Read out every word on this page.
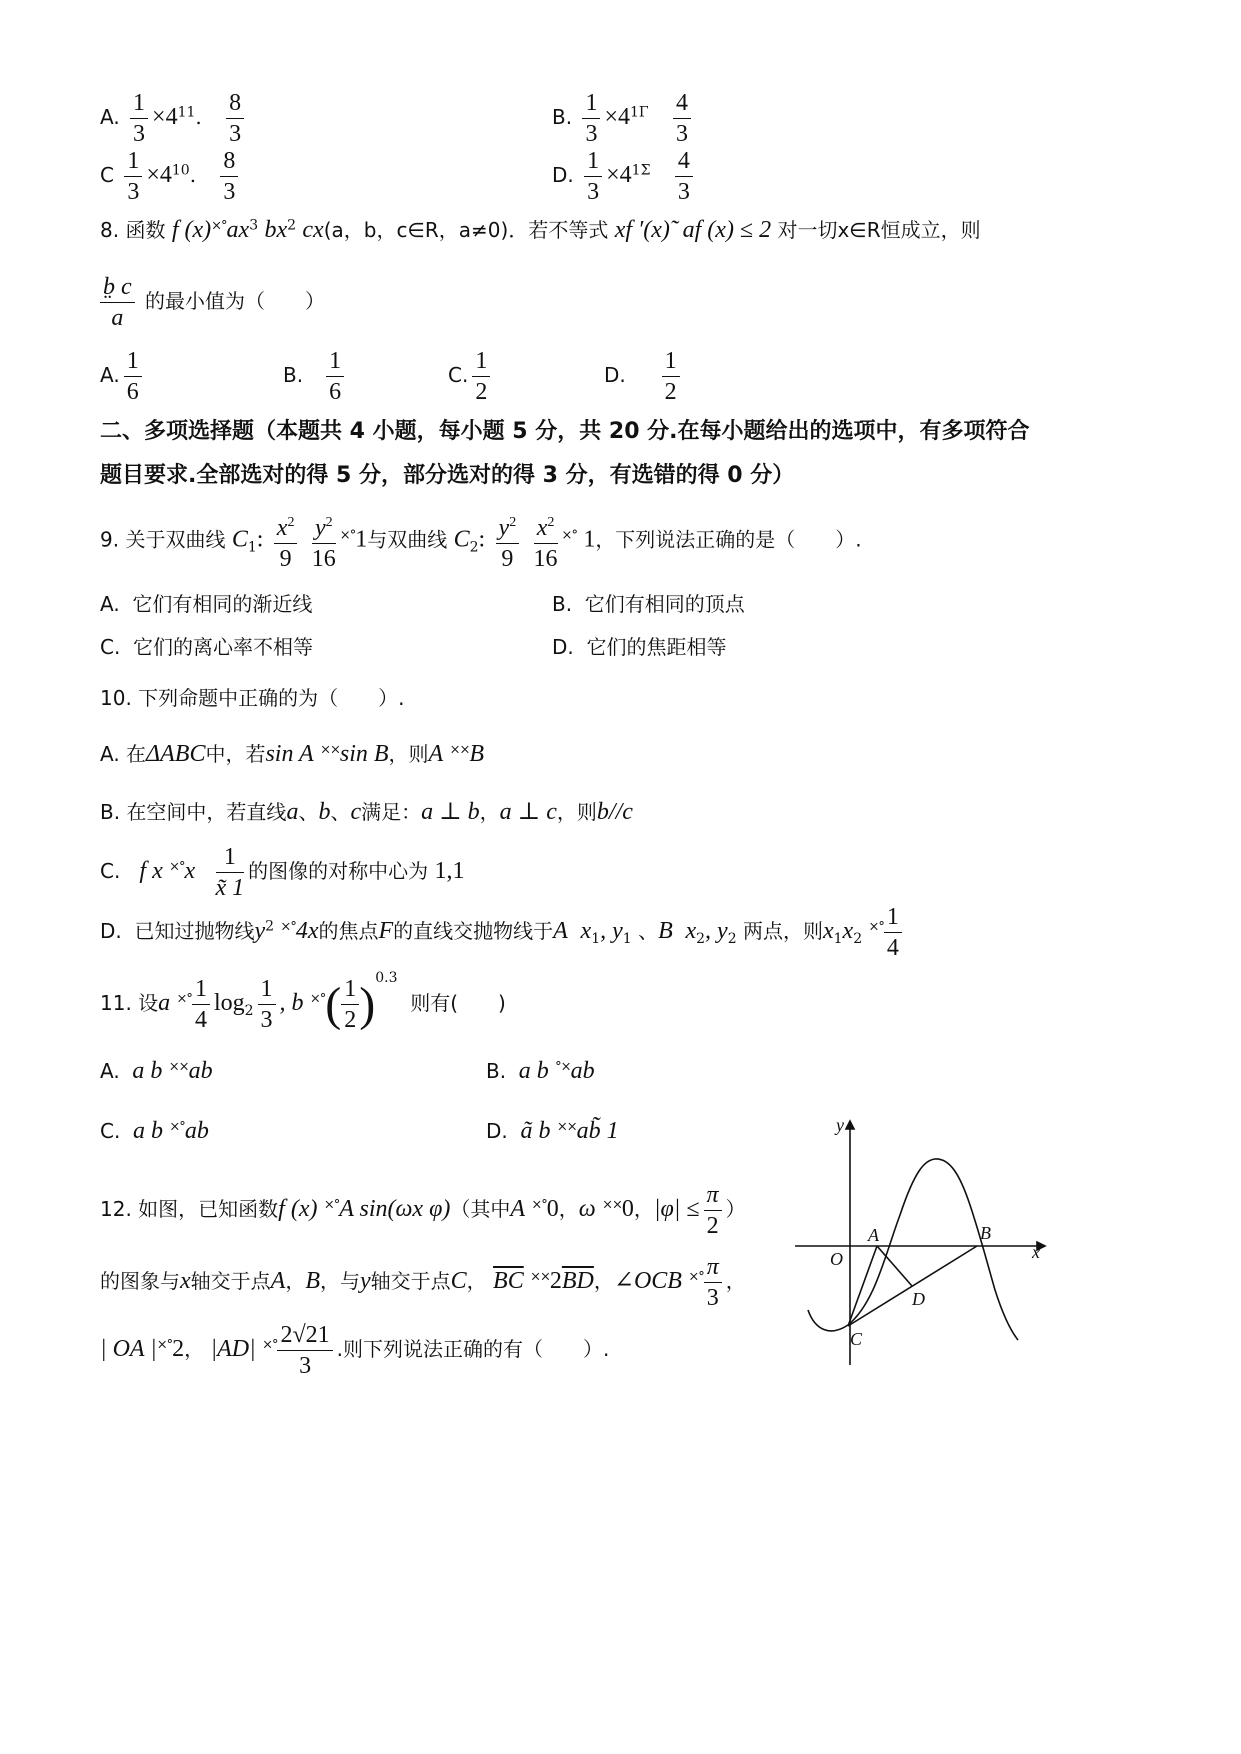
A. $\frac{1}{3} \times 4^{11}$. $\frac{8}{3}$	B. $\frac{1}{3} \times 4^{1\Gamma} \frac{4}{3}$
C $\frac{1}{3} \times 4^{10}$. $\frac{8}{3}$	D. $\frac{1}{3} \times 4^{1\Sigma} \frac{4}{3}$
8. 函数 f $(x)^{\times^\circ}ax^3$ $bx^2$ cx(a，b，c∈R，a≠0)．若不等式 xf ′(x)̃ af (x) ≤ 2 对一切x∈R恒成立，则
$\frac{b̤ c}{a}$ 的最小值为（　　）
A. $\frac{1}{6}$	B. $\frac{1}{6}$	C. $\frac{1}{2}$	D. $\frac{1}{2}$
二、多项选择题（本题共 4 小题，每小题 5 分，共 20 分.在每小题给出的选项中，有多项符合
题目要求.全部选对的得 5 分，部分选对的得 3 分，有选错的得 0 分）
9. 关于双曲线 $C_1$: $\frac{x^2}{9}$
$\frac{y^2}{16} ^{\times^\circ}1$与双曲线 $C_2$: $\frac{y^2}{9}$
$\frac{x^2}{16} ^{\times^\circ}$ 1，下列说法正确的是（　　）.
A. 它们有相同的渐近线	B. 它们有相同的顶点
C. 它们的离心率不相等	D. 它们的焦距相等
10. 下列命题中正确的为（　　）.
A. 在ΔABC中，若sin A ××sin B，则A ××B
B. 在空间中，若直线a、b、c满足：a ⊥ b，a ⊥ c，则b//c
C. f x $^{\times^\circ}x \frac{1}{x̃ 1}$ 的图像的对称中心为 1,1
D. 已知过抛物线$y^2$ ×°4x的焦点F的直线交抛物线于A $x_1$, $y_1$ 、B $x_2$, $y_2$ 两点，则$x_1x_2$ $^{\times^\circ} \frac{1}{4}$
11. 设a $^{\times^\circ} \frac{1}{4} \log_2 \frac{1}{3}$ , b $^{\times^\circ}( \frac{1}{2} )^{0.3}$  则有(　　)
A. a b ××ab	B. a b °×ab
C. a b ×°ab	D. ã b ××ab̃ 1
12. 如图，已知函数f (x) ×°A sin(ωx φ)（其中A ×°0，ω ××0，$|\varphi| \le \frac{\pi}{2}$ ）
的图象与x轴交于点A，B，与y轴交于点C， $\overline{BC}$ $^{\times\times}2\overline{BD}$，∠OCB $^{\times^\circ} \frac{\pi}{3}$ ，
| OA |×°2， |AD| $^{\times^\circ} \frac{2√21}{3}$ .则下列说法正确的有（　　）.
y
x
O
A	B
C
D
